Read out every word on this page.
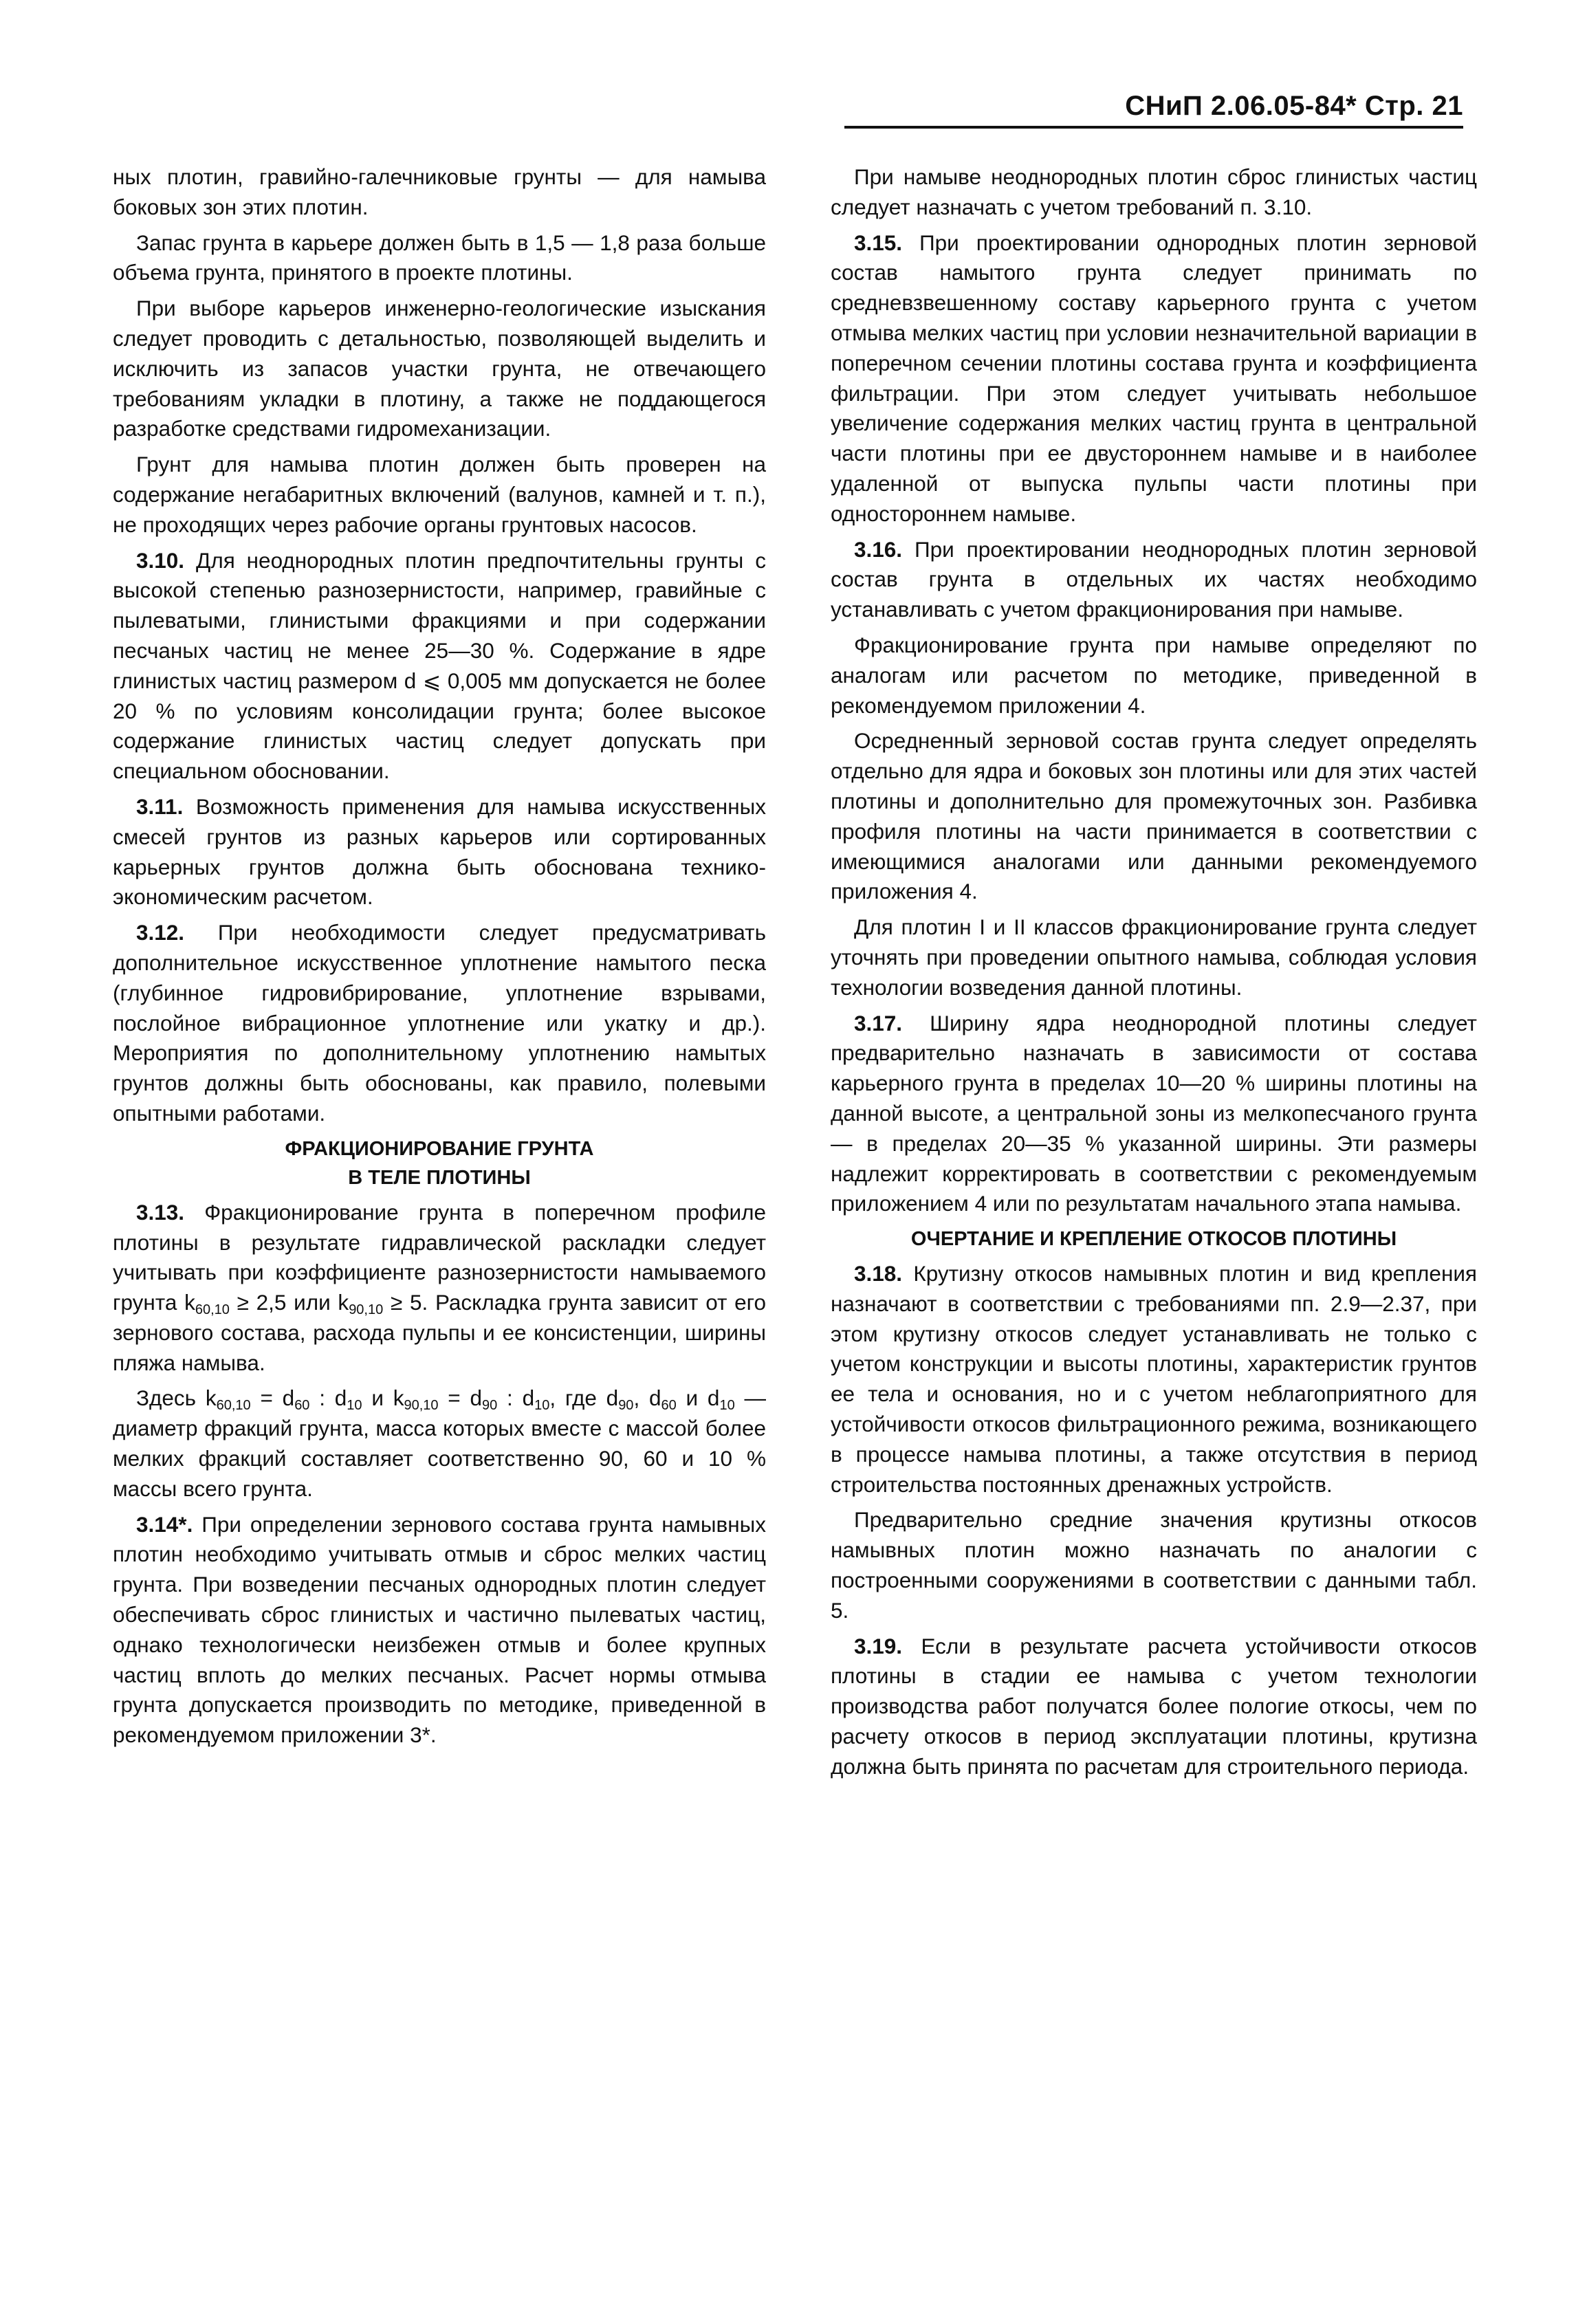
СНиП 2.06.05-84* Стр. 21

ных плотин, гравийно-галечниковые грунты — для намыва боковых зон этих плотин.

Запас грунта в карьере должен быть в 1,5 — 1,8 раза больше объема грунта, принятого в проекте плотины.

При выборе карьеров инженерно-геологические изыскания следует проводить с детальностью, позволяющей выделить и исключить из запасов участки грунта, не отвечающего требованиям укладки в плотину, а также не поддающегося разработке средствами гидромеханизации.

Грунт для намыва плотин должен быть проверен на содержание негабаритных включений (валунов, камней и т. п.), не проходящих через рабочие органы грунтовых насосов.

3.10. Для неоднородных плотин предпочтительны грунты с высокой степенью разнозернистости, например, гравийные с пылеватыми, глинистыми фракциями и при содержании песчаных частиц не менее 25—30 %. Содержание в ядре глинистых частиц размером d ⩽ 0,005 мм допускается не более 20 % по условиям консолидации грунта; более высокое содержание глинистых частиц следует допускать при специальном обосновании.

3.11. Возможность применения для намыва искусственных смесей грунтов из разных карьеров или сортированных карьерных грунтов должна быть обоснована технико-экономическим расчетом.

3.12. При необходимости следует предусматривать дополнительное искусственное уплотнение намытого песка (глубинное гидровибрирование, уплотнение взрывами, послойное вибрационное уплотнение или укатку и др.). Мероприятия по дополнительному уплотнению намытых грунтов должны быть обоснованы, как правило, полевыми опытными работами.

ФРАКЦИОНИРОВАНИЕ ГРУНТА
В ТЕЛЕ ПЛОТИНЫ

3.13. Фракционирование грунта в поперечном профиле плотины в результате гидравлической раскладки следует учитывать при коэффициенте разнозернистости намываемого грунта $k_{60,10} \ge 2,5$ или $k_{90,10} \ge 5$. Раскладка грунта зависит от его зернового состава, расхода пульпы и ее консистенции, ширины пляжа намыва.

Здесь $k_{60,10} = d_{60}$ : $d_{10}$ и $k_{90,10} = d_{90}$ : $d_{10}$, где $d_{90}$, $d_{60}$ и $d_{10}$ — диаметр фракций грунта, масса которых вместе с массой более мелких фракций составляет соответственно 90, 60 и 10 % массы всего грунта.

3.14*. При определении зернового состава грунта намывных плотин необходимо учитывать отмыв и сброс мелких частиц грунта. При возведении песчаных однородных плотин следует обеспечивать сброс глинистых и частично пылеватых частиц, однако технологически неизбежен отмыв и более крупных частиц вплоть до мелких песчаных. Расчет нормы отмыва грунта допускается производить по методике, приведенной в рекомендуемом приложении 3*.

При намыве неоднородных плотин сброс глинистых частиц следует назначать с учетом требований п. 3.10.

3.15. При проектировании однородных плотин зерновой состав намытого грунта следует принимать по средневзвешенному составу карьерного грунта с учетом отмыва мелких частиц при условии незначительной вариации в поперечном сечении плотины состава грунта и коэффициента фильтрации. При этом следует учитывать небольшое увеличение содержания мелких частиц грунта в центральной части плотины при ее двустороннем намыве и в наиболее удаленной от выпуска пульпы части плотины при одностороннем намыве.

3.16. При проектировании неоднородных плотин зерновой состав грунта в отдельных их частях необходимо устанавливать с учетом фракционирования при намыве.

Фракционирование грунта при намыве определяют по аналогам или расчетом по методике, приведенной в рекомендуемом приложении 4.

Осредненный зерновой состав грунта следует определять отдельно для ядра и боковых зон плотины или для этих частей плотины и дополнительно для промежуточных зон. Разбивка профиля плотины на части принимается в соответствии с имеющимися аналогами или данными рекомендуемого приложения 4.

Для плотин I и II классов фракционирование грунта следует уточнять при проведении опытного намыва, соблюдая условия технологии возведения данной плотины.

3.17. Ширину ядра неоднородной плотины следует предварительно назначать в зависимости от состава карьерного грунта в пределах 10—20 % ширины плотины на данной высоте, а центральной зоны из мелкопесчаного грунта — в пределах 20—35 % указанной ширины. Эти размеры надлежит корректировать в соответствии с рекомендуемым приложением 4 или по результатам начального этапа намыва.

ОЧЕРТАНИЕ И КРЕПЛЕНИЕ ОТКОСОВ ПЛОТИНЫ

3.18. Крутизну откосов намывных плотин и вид крепления назначают в соответствии с требованиями пп. 2.9—2.37, при этом крутизну откосов следует устанавливать не только с учетом конструкции и высоты плотины, характеристик грунтов ее тела и основания, но и с учетом неблагоприятного для устойчивости откосов фильтрационного режима, возникающего в процессе намыва плотины, а также отсутствия в период строительства постоянных дренажных устройств.

Предварительно средние значения крутизны откосов намывных плотин можно назначать по аналогии с построенными сооружениями в соответствии с данными табл. 5.

3.19. Если в результате расчета устойчивости откосов плотины в стадии ее намыва с учетом технологии производства работ получатся более пологие откосы, чем по расчету откосов в период эксплуатации плотины, крутизна должна быть принята по расчетам для строительного периода.
